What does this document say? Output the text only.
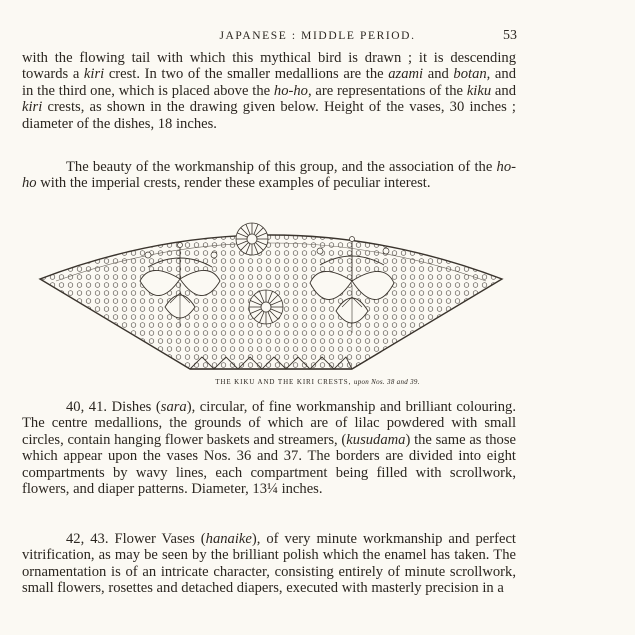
JAPANESE : MIDDLE PERIOD.	53

with the flowing tail with which this mythical bird is drawn ; it is descending towards a kiri crest. In two of the smaller medallions are the azami and botan, and in the third one, which is placed above the ho-ho, are representations of the kiku and kiri crests, as shown in the drawing given below. Height of the vases, 30 inches ; diameter of the dishes, 18 inches.

The beauty of the workmanship of this group, and the association of the ho-ho with the imperial crests, render these examples of peculiar interest.

THE KIKU AND THE KIRI CRESTS, upon Nos. 38 and 39.

40, 41. Dishes (sara), circular, of fine workmanship and brilliant colouring. The centre medallions, the grounds of which are of lilac powdered with small circles, contain hanging flower baskets and streamers, (kusudama) the same as those which appear upon the vases Nos. 36 and 37. The borders are divided into eight compartments by wavy lines, each compartment being filled with scrollwork, flowers, and diaper patterns. Diameter, 13¼ inches.

42, 43. Flower Vases (hanaike), of very minute workmanship and perfect vitrification, as may be seen by the brilliant polish which the enamel has taken. The ornamentation is of an intricate character, consisting entirely of minute scrollwork, small flowers, rosettes and detached diapers, executed with masterly precision in a
